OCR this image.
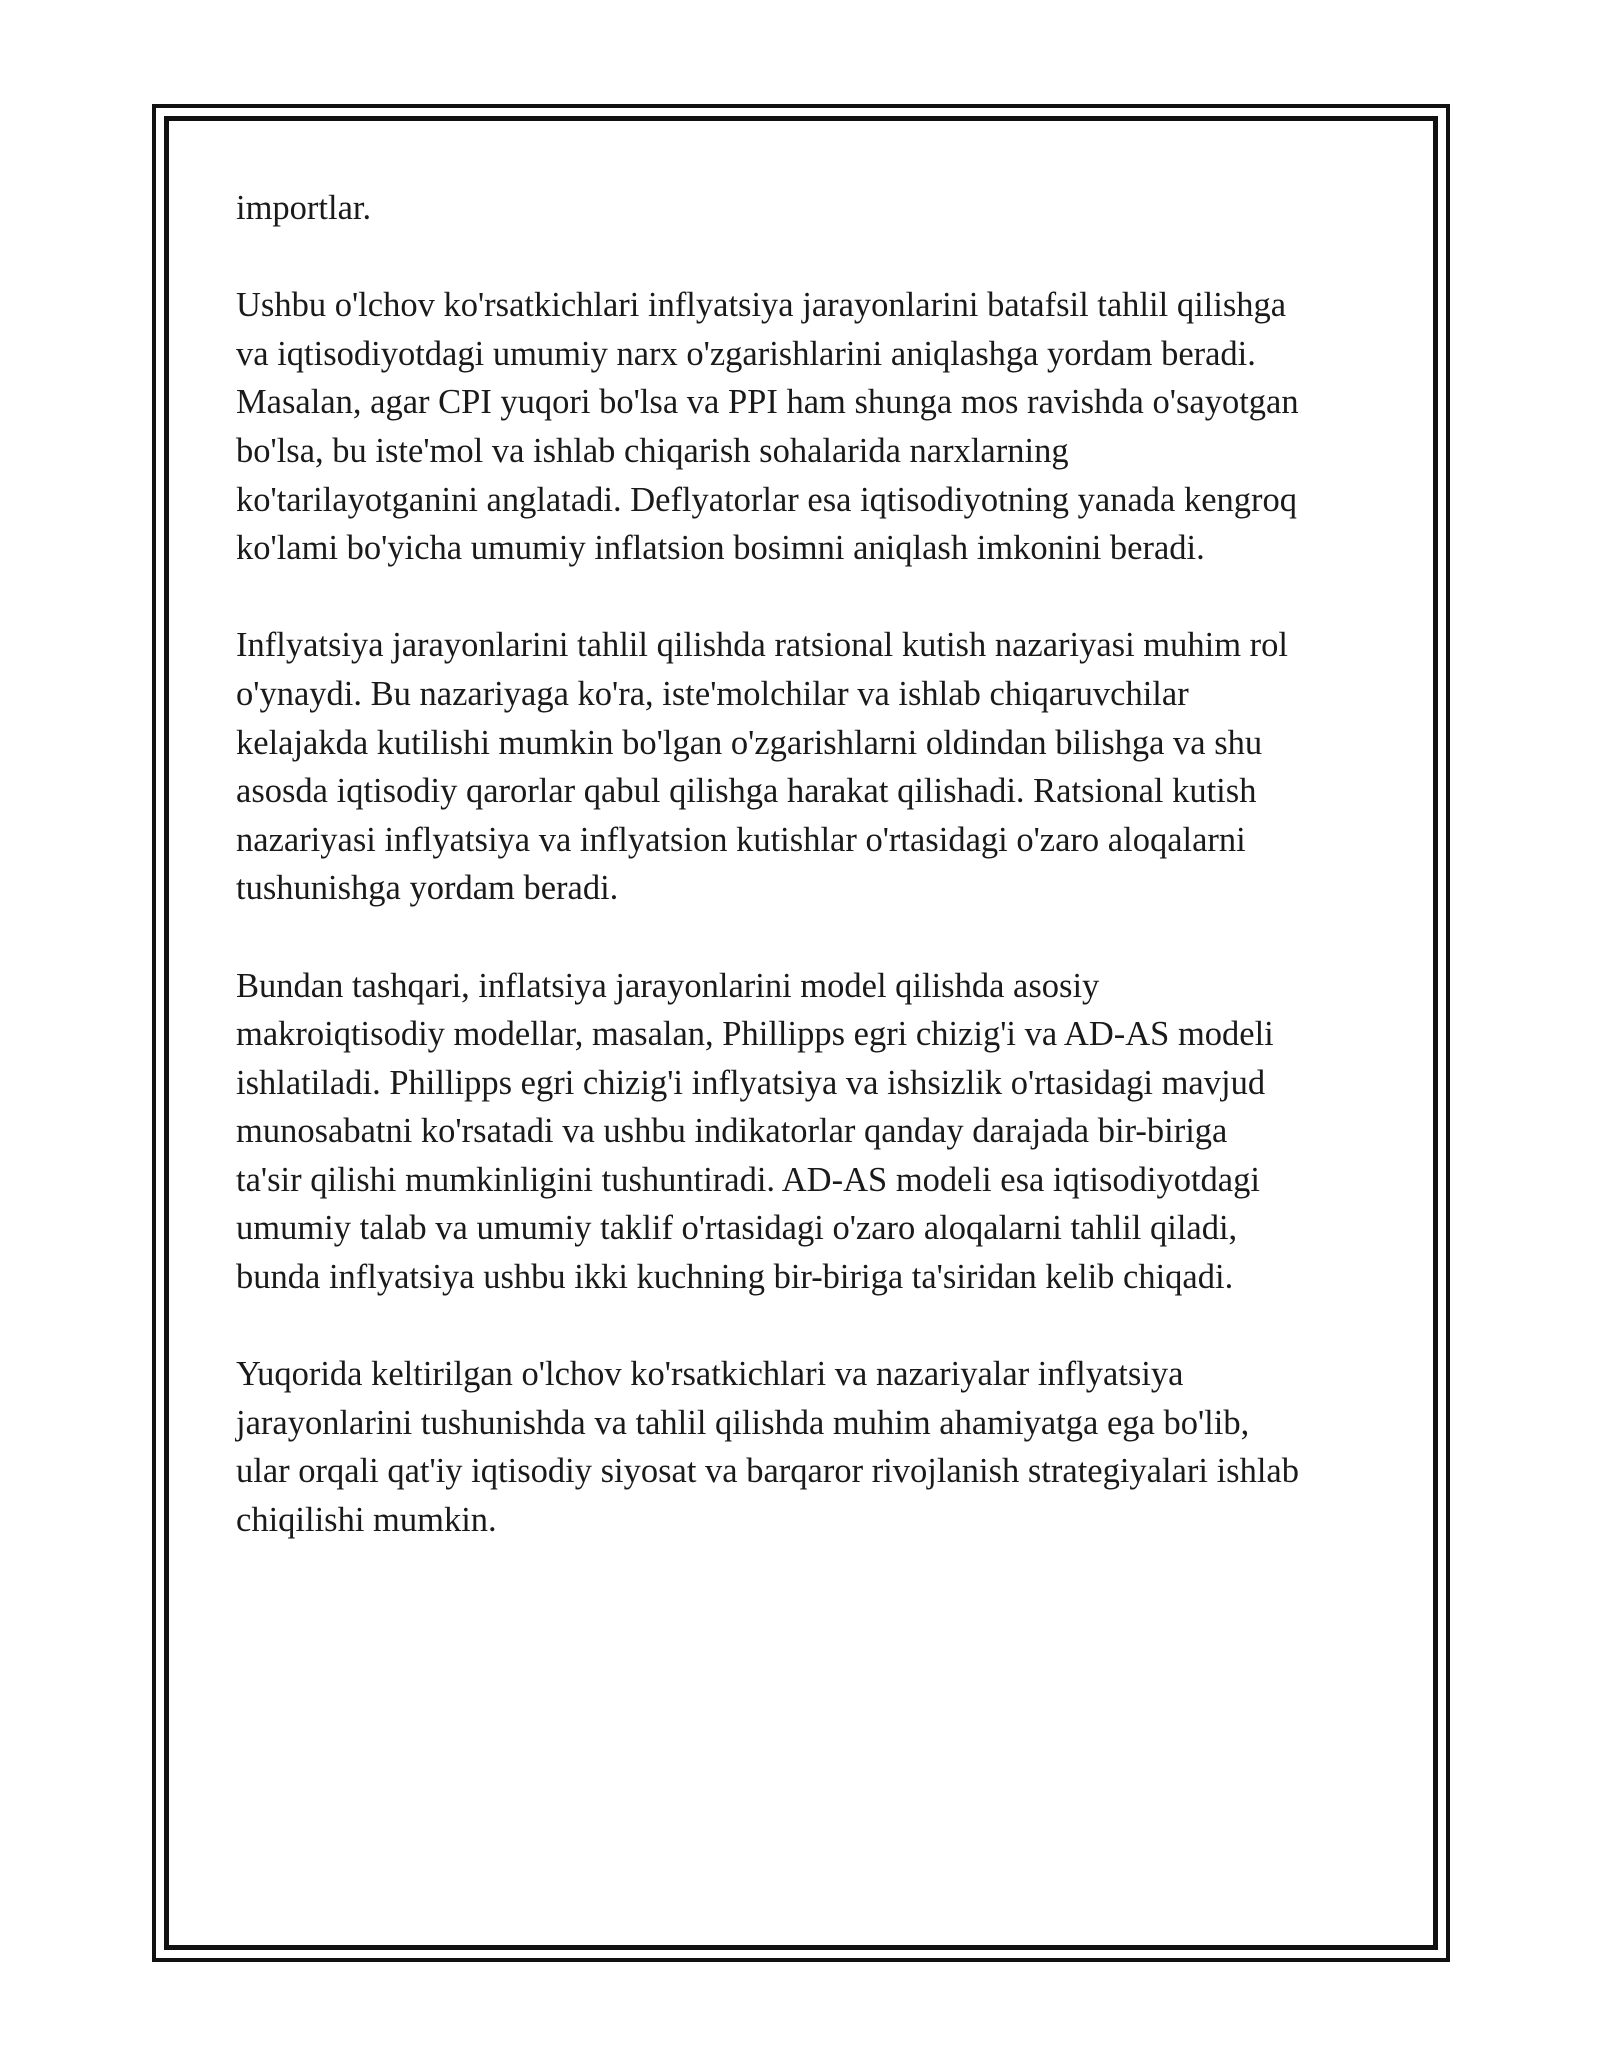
importlar.
Ushbu o'lchov ko'rsatkichlari inflyatsiya jarayonlarini batafsil tahlil qilishga
va iqtisodiyotdagi umumiy narx o'zgarishlarini aniqlashga yordam beradi.
Masalan, agar CPI yuqori bo'lsa va PPI ham shunga mos ravishda o'sayotgan
bo'lsa, bu iste'mol va ishlab chiqarish sohalarida narxlarning
ko'tarilayotganini anglatadi. Deflyatorlar esa iqtisodiyotning yanada kengroq
ko'lami bo'yicha umumiy inflatsion bosimni aniqlash imkonini beradi.
Inflyatsiya jarayonlarini tahlil qilishda ratsional kutish nazariyasi muhim rol
o'ynaydi. Bu nazariyaga ko'ra, iste'molchilar va ishlab chiqaruvchilar
kelajakda kutilishi mumkin bo'lgan o'zgarishlarni oldindan bilishga va shu
asosda iqtisodiy qarorlar qabul qilishga harakat qilishadi. Ratsional kutish
nazariyasi inflyatsiya va inflyatsion kutishlar o'rtasidagi o'zaro aloqalarni
tushunishga yordam beradi.
Bundan tashqari, inflatsiya jarayonlarini model qilishda asosiy
makroiqtisodiy modellar, masalan, Phillipps egri chizig'i va AD-AS modeli
ishlatiladi. Phillipps egri chizig'i inflyatsiya va ishsizlik o'rtasidagi mavjud
munosabatni ko'rsatadi va ushbu indikatorlar qanday darajada bir-biriga
ta'sir qilishi mumkinligini tushuntiradi. AD-AS modeli esa iqtisodiyotdagi
umumiy talab va umumiy taklif o'rtasidagi o'zaro aloqalarni tahlil qiladi,
bunda inflyatsiya ushbu ikki kuchning bir-biriga ta'siridan kelib chiqadi.
Yuqorida keltirilgan o'lchov ko'rsatkichlari va nazariyalar inflyatsiya
jarayonlarini tushunishda va tahlil qilishda muhim ahamiyatga ega bo'lib,
ular orqali qat'iy iqtisodiy siyosat va barqaror rivojlanish strategiyalari ishlab
chiqilishi mumkin.
